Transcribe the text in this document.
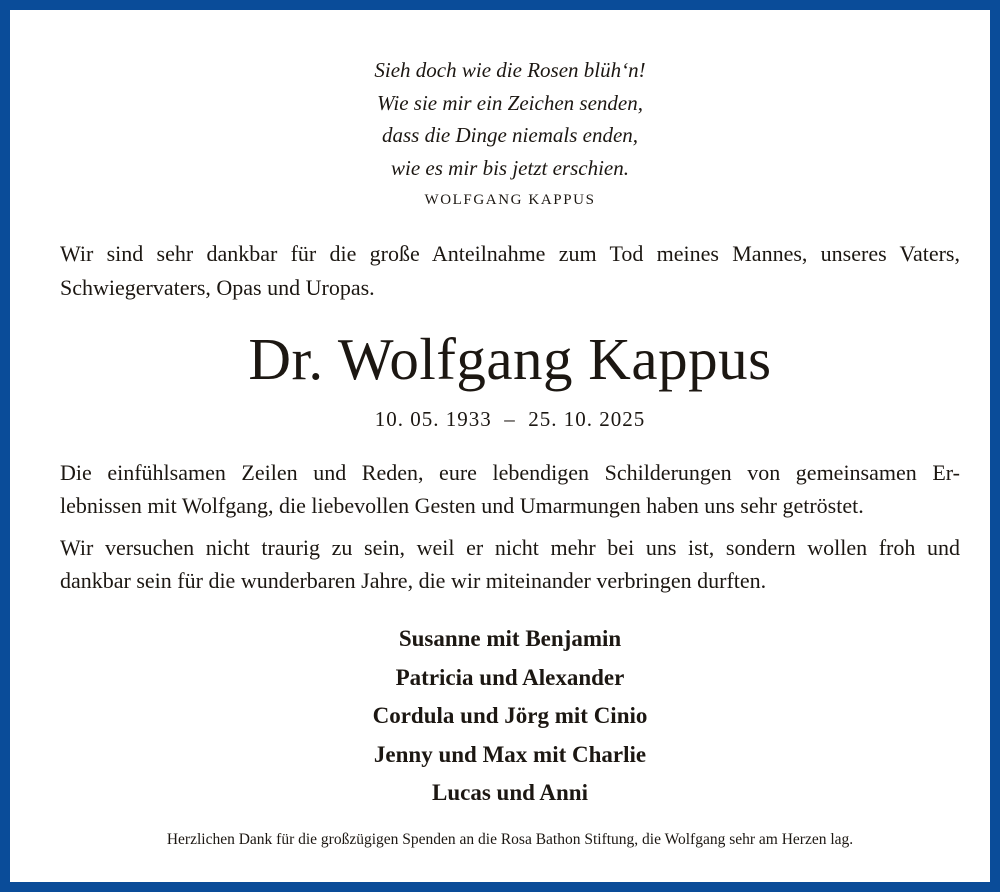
Sieh doch wie die Rosen blüh‘n!
Wie sie mir ein Zeichen senden,
dass die Dinge niemals enden,
wie es mir bis jetzt erschien.
WOLFGANG KAPPUS
Wir sind sehr dankbar für die große Anteilnahme zum Tod meines Mannes, unseres Vaters,
Schwiegervaters, Opas und Uropas.
Dr. Wolfgang Kappus
10. 05. 1933  –  25. 10. 2025
Die einfühlsamen Zeilen und Reden, eure lebendigen Schilderungen von gemeinsamen Er-
lebnissen mit Wolfgang, die liebevollen Gesten und Umarmungen haben uns sehr getröstet.
Wir versuchen nicht traurig zu sein, weil er nicht mehr bei uns ist, sondern wollen froh und
dankbar sein für die wunderbaren Jahre, die wir miteinander verbringen durften.
Susanne mit Benjamin
Patricia und Alexander
Cordula und Jörg mit Cinio
Jenny und Max mit Charlie
Lucas und Anni
Herzlichen Dank für die großzügigen Spenden an die Rosa Bathon Stiftung, die Wolfgang sehr am Herzen lag.
